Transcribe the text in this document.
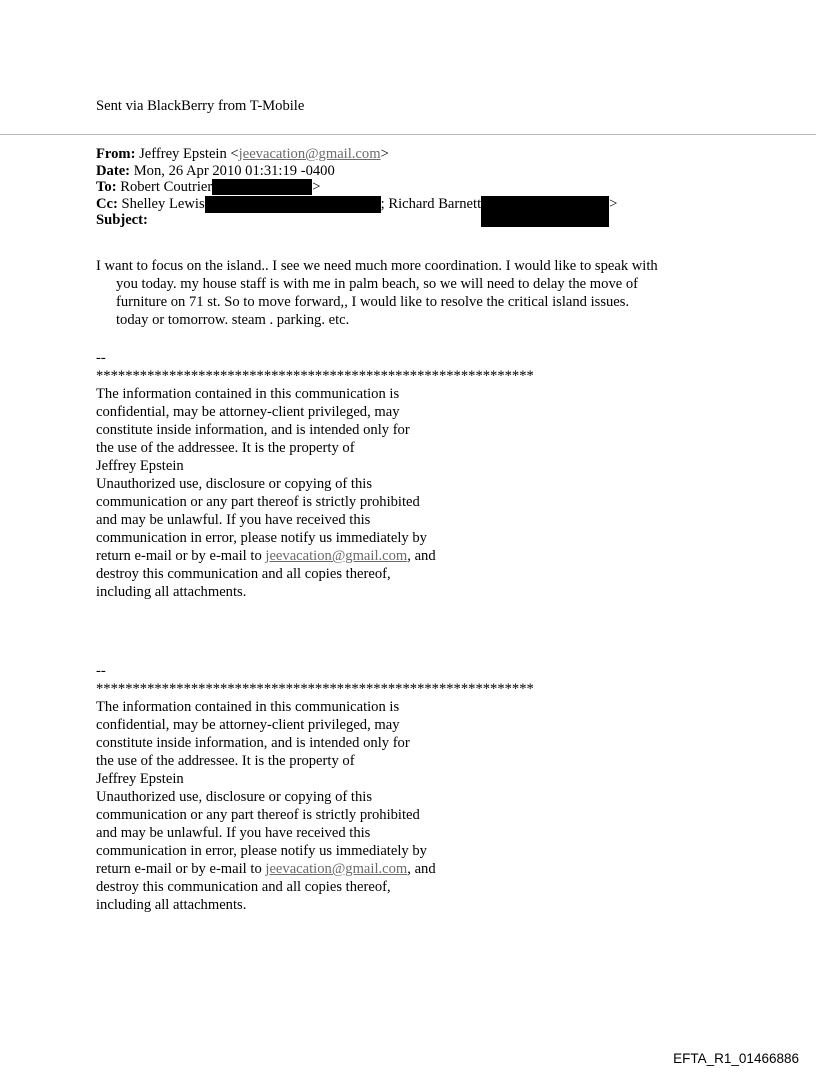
Sent via BlackBerry from T-Mobile
From: Jeffrey Epstein <jeevacation@gmail.com>
Date: Mon, 26 Apr 2010 01:31:19 -0400
To: Robert Coutrier	>
Cc: Shelley Lewis	; Richard Barnett	>
Subject:
I want to focus on the island.. I see we need much more coordination. I would like to speak with
you today. my house staff is with me in palm beach, so we will need to delay the move of
furniture on 71 st. So to move forward,, I would like to resolve the critical island issues.
today or tomorrow. steam . parking. etc.
--
************************************************************
The information contained in this communication is
confidential, may be attorney-client privileged, may
constitute inside information, and is intended only for
the use of the addressee. It is the property of
Jeffrey Epstein
Unauthorized use, disclosure or copying of this
communication or any part thereof is strictly prohibited
and may be unlawful. If you have received this
communication in error, please notify us immediately by
return e-mail or by e-mail to jeevacation@gmail.com, and
destroy this communication and all copies thereof,
including all attachments.
--
************************************************************
The information contained in this communication is
confidential, may be attorney-client privileged, may
constitute inside information, and is intended only for
the use of the addressee. It is the property of
Jeffrey Epstein
Unauthorized use, disclosure or copying of this
communication or any part thereof is strictly prohibited
and may be unlawful. If you have received this
communication in error, please notify us immediately by
return e-mail or by e-mail to jeevacation@gmail.com, and
destroy this communication and all copies thereof,
including all attachments.
EFTA_R1_01466886
